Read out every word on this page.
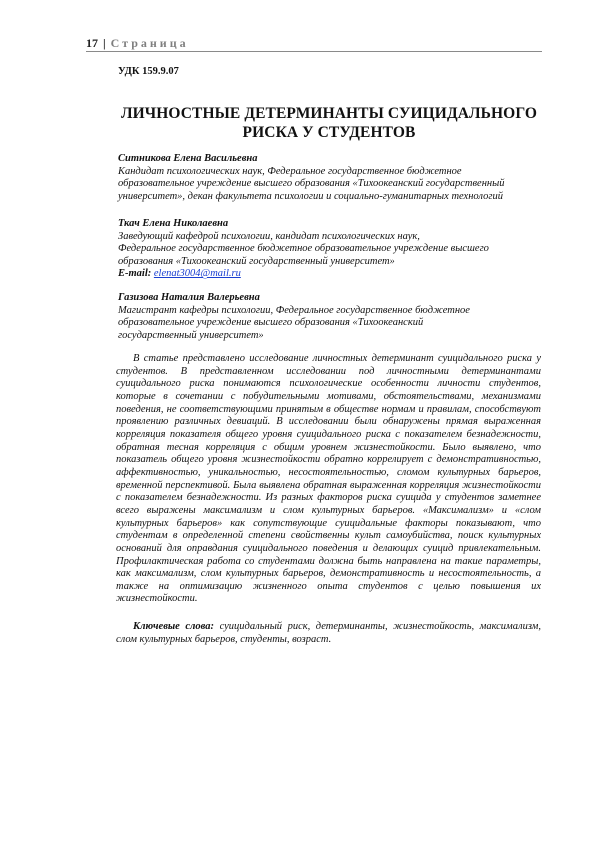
17 | Страница
УДК 159.9.07
ЛИЧНОСТНЫЕ ДЕТЕРМИНАНТЫ СУИЦИДАЛЬНОГО
РИСКА У СТУДЕНТОВ
Ситникова Елена Васильевна
Кандидат психологических наук, Федеральное государственное бюджетное
образовательное учреждение высшего образования «Тихоокеанский государственный
университет», декан факультета психологии и социально-гуманитарных технологий
Ткач Елена Николаевна
Заведующий кафедрой психологии, кандидат психологических наук,
Федеральное государственное бюджетное образовательное учреждение высшего
образования «Тихоокеанский государственный университет»
E-mail: elenat3004@mail.ru
Газизова Наталия Валерьевна
Магистрант кафедры психологии, Федеральное государственное бюджетное
образовательное учреждение высшего образования «Тихоокеанский
государственный университет»

В статье представлено исследование личностных детерминант суицидального риска у студентов. В представленном исследовании под личностными детерминантами суицидального риска понимаются психологические особенности личности студентов, которые в сочетании с побудительными мотивами, обстоятельствами, механизмами поведения, не соответствующими принятым в обществе нормам и правилам, способствуют проявлению различных девиаций. В исследовании были обнаружены прямая выраженная корреляция показателя общего уровня суицидального риска с показателем безнадежности, обратная тесная корреляция с общим уровнем жизнестойкости. Было выявлено, что показатель общего уровня жизнестойкости обратно коррелирует с демонстративностью, аффективностью, уникальностью, несостоятельностью, сломом культурных барьеров, временной перспективой. Была выявлена обратная выраженная корреляция жизнестойкости с показателем безнадежности. Из разных факторов риска суицида у студентов заметнее всего выражены максимализм и слом культурных барьеров. «Максимализм» и «слом культурных барьеров» как сопутствующие суицидальные факторы показывают, что студентам в определенной степени свойственны культ самоубийства, поиск культурных оснований для оправдания суицидального поведения и делающих суицид привлекательным. Профилактическая работа со студентами должна быть направлена на такие параметры, как максимализм, слом культурных барьеров, демонстративность и несостоятельность, а также на оптимизацию жизненного опыта студентов с целью повышения их жизнестойкости.

Ключевые слова: суицидальный риск, детерминанты, жизнестойкость, максимализм, слом культурных барьеров, студенты, возраст.
